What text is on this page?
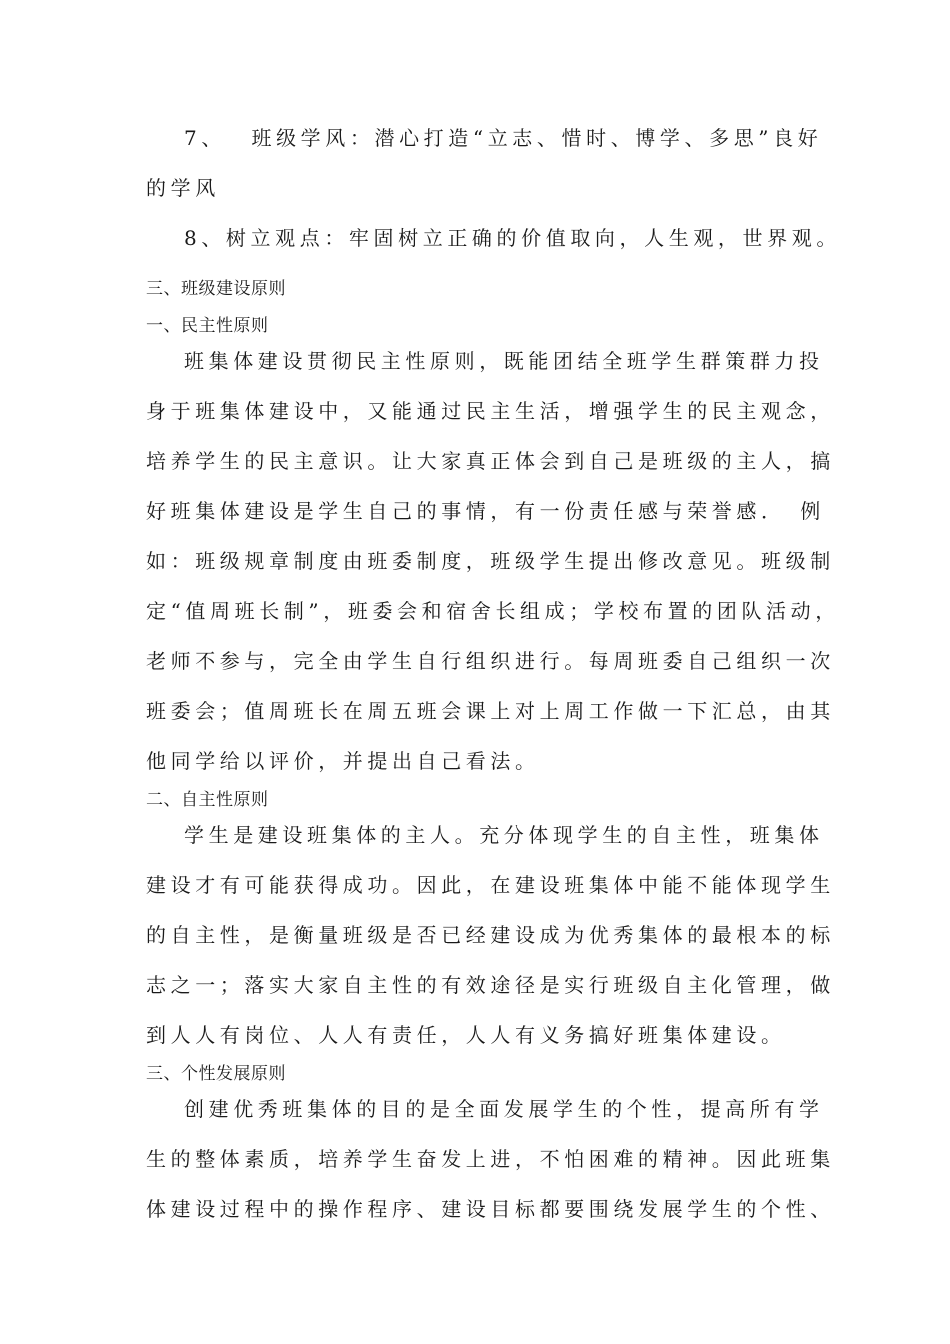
7、　 班级学风：潜心打造“立志、惜时、博学、多思”良好
的学风
8、树立观点：牢固树立正确的价值取向，人生观，世界观。
三、班级建设原则
一、民主性原则
班集体建设贯彻民主性原则，既能团结全班学生群策群力投
身于班集体建设中，又能通过民主生活，增强学生的民主观念，
培养学生的民主意识。让大家真正体会到自己是班级的主人，搞
好班集体建设是学生自己的事情，有一份责任感与荣誉感．　例
如：班级规章制度由班委制度，班级学生提出修改意见。班级制
定“值周班长制”，班委会和宿舍长组成；学校布置的团队活动，
老师不参与，完全由学生自行组织进行。每周班委自己组织一次
班委会；值周班长在周五班会课上对上周工作做一下汇总，由其
他同学给以评价，并提出自己看法。
二、自主性原则
学生是建设班集体的主人。充分体现学生的自主性，班集体
建设才有可能获得成功。因此，在建设班集体中能不能体现学生
的自主性，是衡量班级是否已经建设成为优秀集体的最根本的标
志之一；落实大家自主性的有效途径是实行班级自主化管理，做
到人人有岗位、人人有责任，人人有义务搞好班集体建设。
三、个性发展原则
创建优秀班集体的目的是全面发展学生的个性，提高所有学
生的整体素质，培养学生奋发上进，不怕困难的精神。因此班集
体建设过程中的操作程序、建设目标都要围绕发展学生的个性、
